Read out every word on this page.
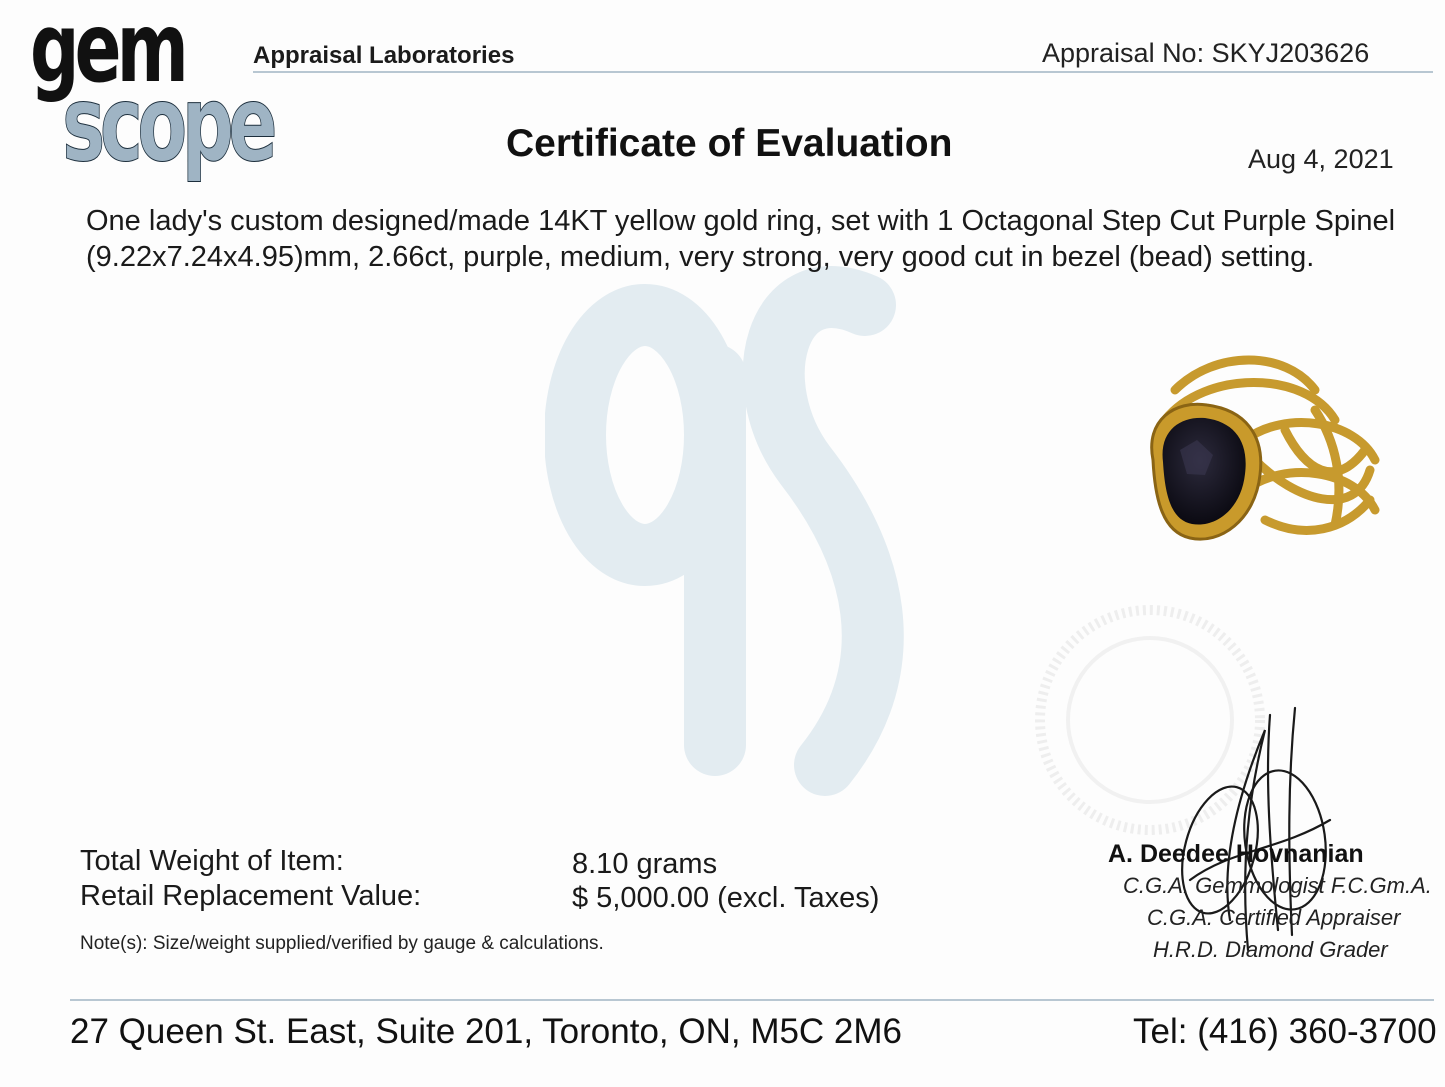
gem
scope
Appraisal Laboratories	Appraisal No: SKYJ203626
Certificate of Evaluation	Aug 4, 2021
One lady's custom designed/made 14KT yellow gold ring, set with 1 Octagonal Step Cut Purple Spinel (9.22x7.24x4.95)mm, 2.66ct, purple, medium, very strong, very good cut in bezel (bead) setting.
Total Weight of Item:	8.10 grams
Retail Replacement Value:	$ 5,000.00 (excl. Taxes)
Note(s): Size/weight supplied/verified by gauge & calculations.
A. Deedee Hovnanian
C.G.A. Gemmologist F.C.Gm.A.
C.G.A. Certified Appraiser
H.R.D. Diamond Grader
27 Queen St. East, Suite 201, Toronto, ON, M5C 2M6	Tel: (416) 360-3700
